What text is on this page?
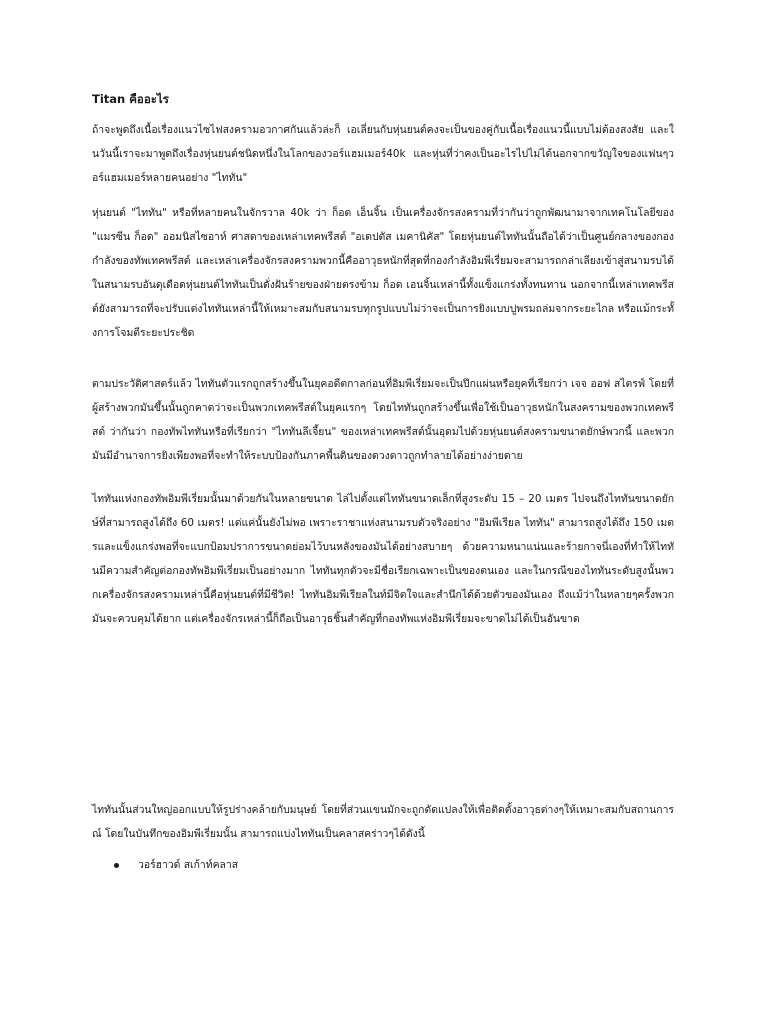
Titan คืออะไร

ถ้าจะพูดถึงเนื้อเรื่องแนวไซไฟสงครามอวกาศกันแล้วล่ะก็ เอเลี่ยนกับหุ่นยนต์คงจะเป็นของคู่กับเนื้อเรื่องแนวนี้แบบไม่ต้องสงสัย และในวันนี้เราจะมาพูดถึงเรื่องหุ่นยนต์ชนิดหนึ่งในโลกของวอร์แฮมเมอร์40k และหุ่นที่ว่าคงเป็นอะไรไปไม่ได้นอกจากขวัญใจของแฟนๆวอร์แฮมเมอร์หลายคนอย่าง "ไททัน"

หุ่นยนต์ "ไททัน" หรือที่หลายคนในจักรวาล 40k ว่า ก็อด เอ็นจิ้น เป็นเครื่องจักรสงครามที่ว่ากันว่าถูกพัฒนามาจากเทคโนโลยีของ "แมรซีน ก็อด" ออมนิสไซอาห์ ศาสดาของเหล่าเทคพรีสต์ "อเดปตัส เมคานิคัส" โดยหุ่นยนต์ไททันนั้นถือได้ว่าเป็นศูนย์กลางของกองกำลังของทัพเทคพรีสต์ และเหล่าเครื่องจักรสงครามพวกนี้คืออาวุธหนักที่สุดที่กองกำลังอิมพีเรี่ยมจะสามารถกล่าเลียงเข้าสู่สนามรบได้ ในสนามรบอันดุเดือดหุ่นยนต์ไททันเป็นดั่งฝันร้ายของฝ่ายตรงข้าม ก็อด เอนจิ้นเหล่านี้ทั้งแข็งแกร่งทั้งทนทาน นอกจากนี้เหล่าเทคพรีสต์ยังสามารถที่จะปรับแต่งไททันเหล่านี้ให้เหมาะสมกับสนามรบทุกรูปแบบไม่ว่าจะเป็นการยิงแบบปูพรมถล่มจากระยะไกล หรือแม้กระทั้งการโจมตีระยะประชิด

ตามประวัติศาสตร์แล้ว ไททันตัวแรกถูกสร้างขึ้นในยุคอดีตกาลก่อนที่อิมพีเรี่ยมจะเป็นปึกแผ่นหรือยุคที่เรียกว่า เจจ ออฟ สไตรฟ์ โดยที่ผู้สร้างพวกมันขึ้นนั้นถูกคาดว่าจะเป็นพวกเทคพรีสต์ในยุคแรกๆ โดยไททันถูกสร้างขึ้นเพื่อใช้เป็นอาวุธหนักในสงครามของพวกเทคพรีสต์ ว่ากันว่า กองทัพไททันหรือที่เรียกว่า "ไททันลีเจี้ยน" ของเหล่าเทคพรีสต์นั้นอุดมไปด้วยหุ่นยนต์สงครามขนาดยักษ์พวกนี้ และพวกมันมีอำนาจการยิงเพียงพอที่จะทำให้ระบบป้องกันภาคพื้นดินของดวงดาวถูกทำลายได้อย่างง่ายดาย

ไททันแห่งกองทัพอิมพีเรี่ยมนั้นมาด้วยกันในหลายขนาด ไล่ไปตั้งแต่ไททันขนาดเล็กที่สูงระดับ 15 – 20 เมตร ไปจนถึงไททันขนาดยักษ์ที่สามารถสูงได้ถึง 60 เมตร! แต่แค่นั้นยังไม่พอ เพราะราชาแห่งสนามรบตัวจริงอย่าง "อิมพีเรียล ไททัน" สามารถสูงได้ถึง 150 เมตรและแข็งแกร่งพอที่จะแบกป้อมปราการขนาดย่อมไว้บนหลังของมันได้อย่างสบายๆ ด้วยความหนาแน่นและร้ายกาจนี่เองที่ทำให้ไททันมีความสำคัญต่อกองทัพอิมพีเรี่ยมเป็นอย่างมาก ไททันทุกตัวจะมีชื่อเรียกเฉพาะเป็นของตนเอง และในกรณีของไททันระดับสูงนั้นพวกเครื่องจักรสงครามเหล่านี้คือหุ่นยนต์ที่มีชีวิต! ไททันอิมพีเรียลในท์มีจิตใจและสำนึกได้ด้วยตัวของมันเอง ถึงแม้ว่าในหลายๆครั้งพวกมันจะควบคุมได้ยาก แต่เครื่องจักรเหล่านี้ก็ถือเป็นอาวุธชิ้นสำคัญที่กองทัพแห่งอิมพีเรี่ยมจะขาดไม่ได้เป็นอันขาด

ไททันนั้นส่วนใหญ่ออกแบบให้รูปร่างคล้ายกับมนุษย์ โดยที่ส่วนแขนมักจะถูกดัดแปลงให้เพื่อติดตั้งอาวุธต่างๆให้เหมาะสมกับสถานการณ์ โดยในบันทึกของอิมพีเรี่ยมนั้น สามารถแบ่งไททันเป็นคลาสคร่าวๆได้ดังนี้

วอร์ฮาวด์ สเก้าท์คลาส
